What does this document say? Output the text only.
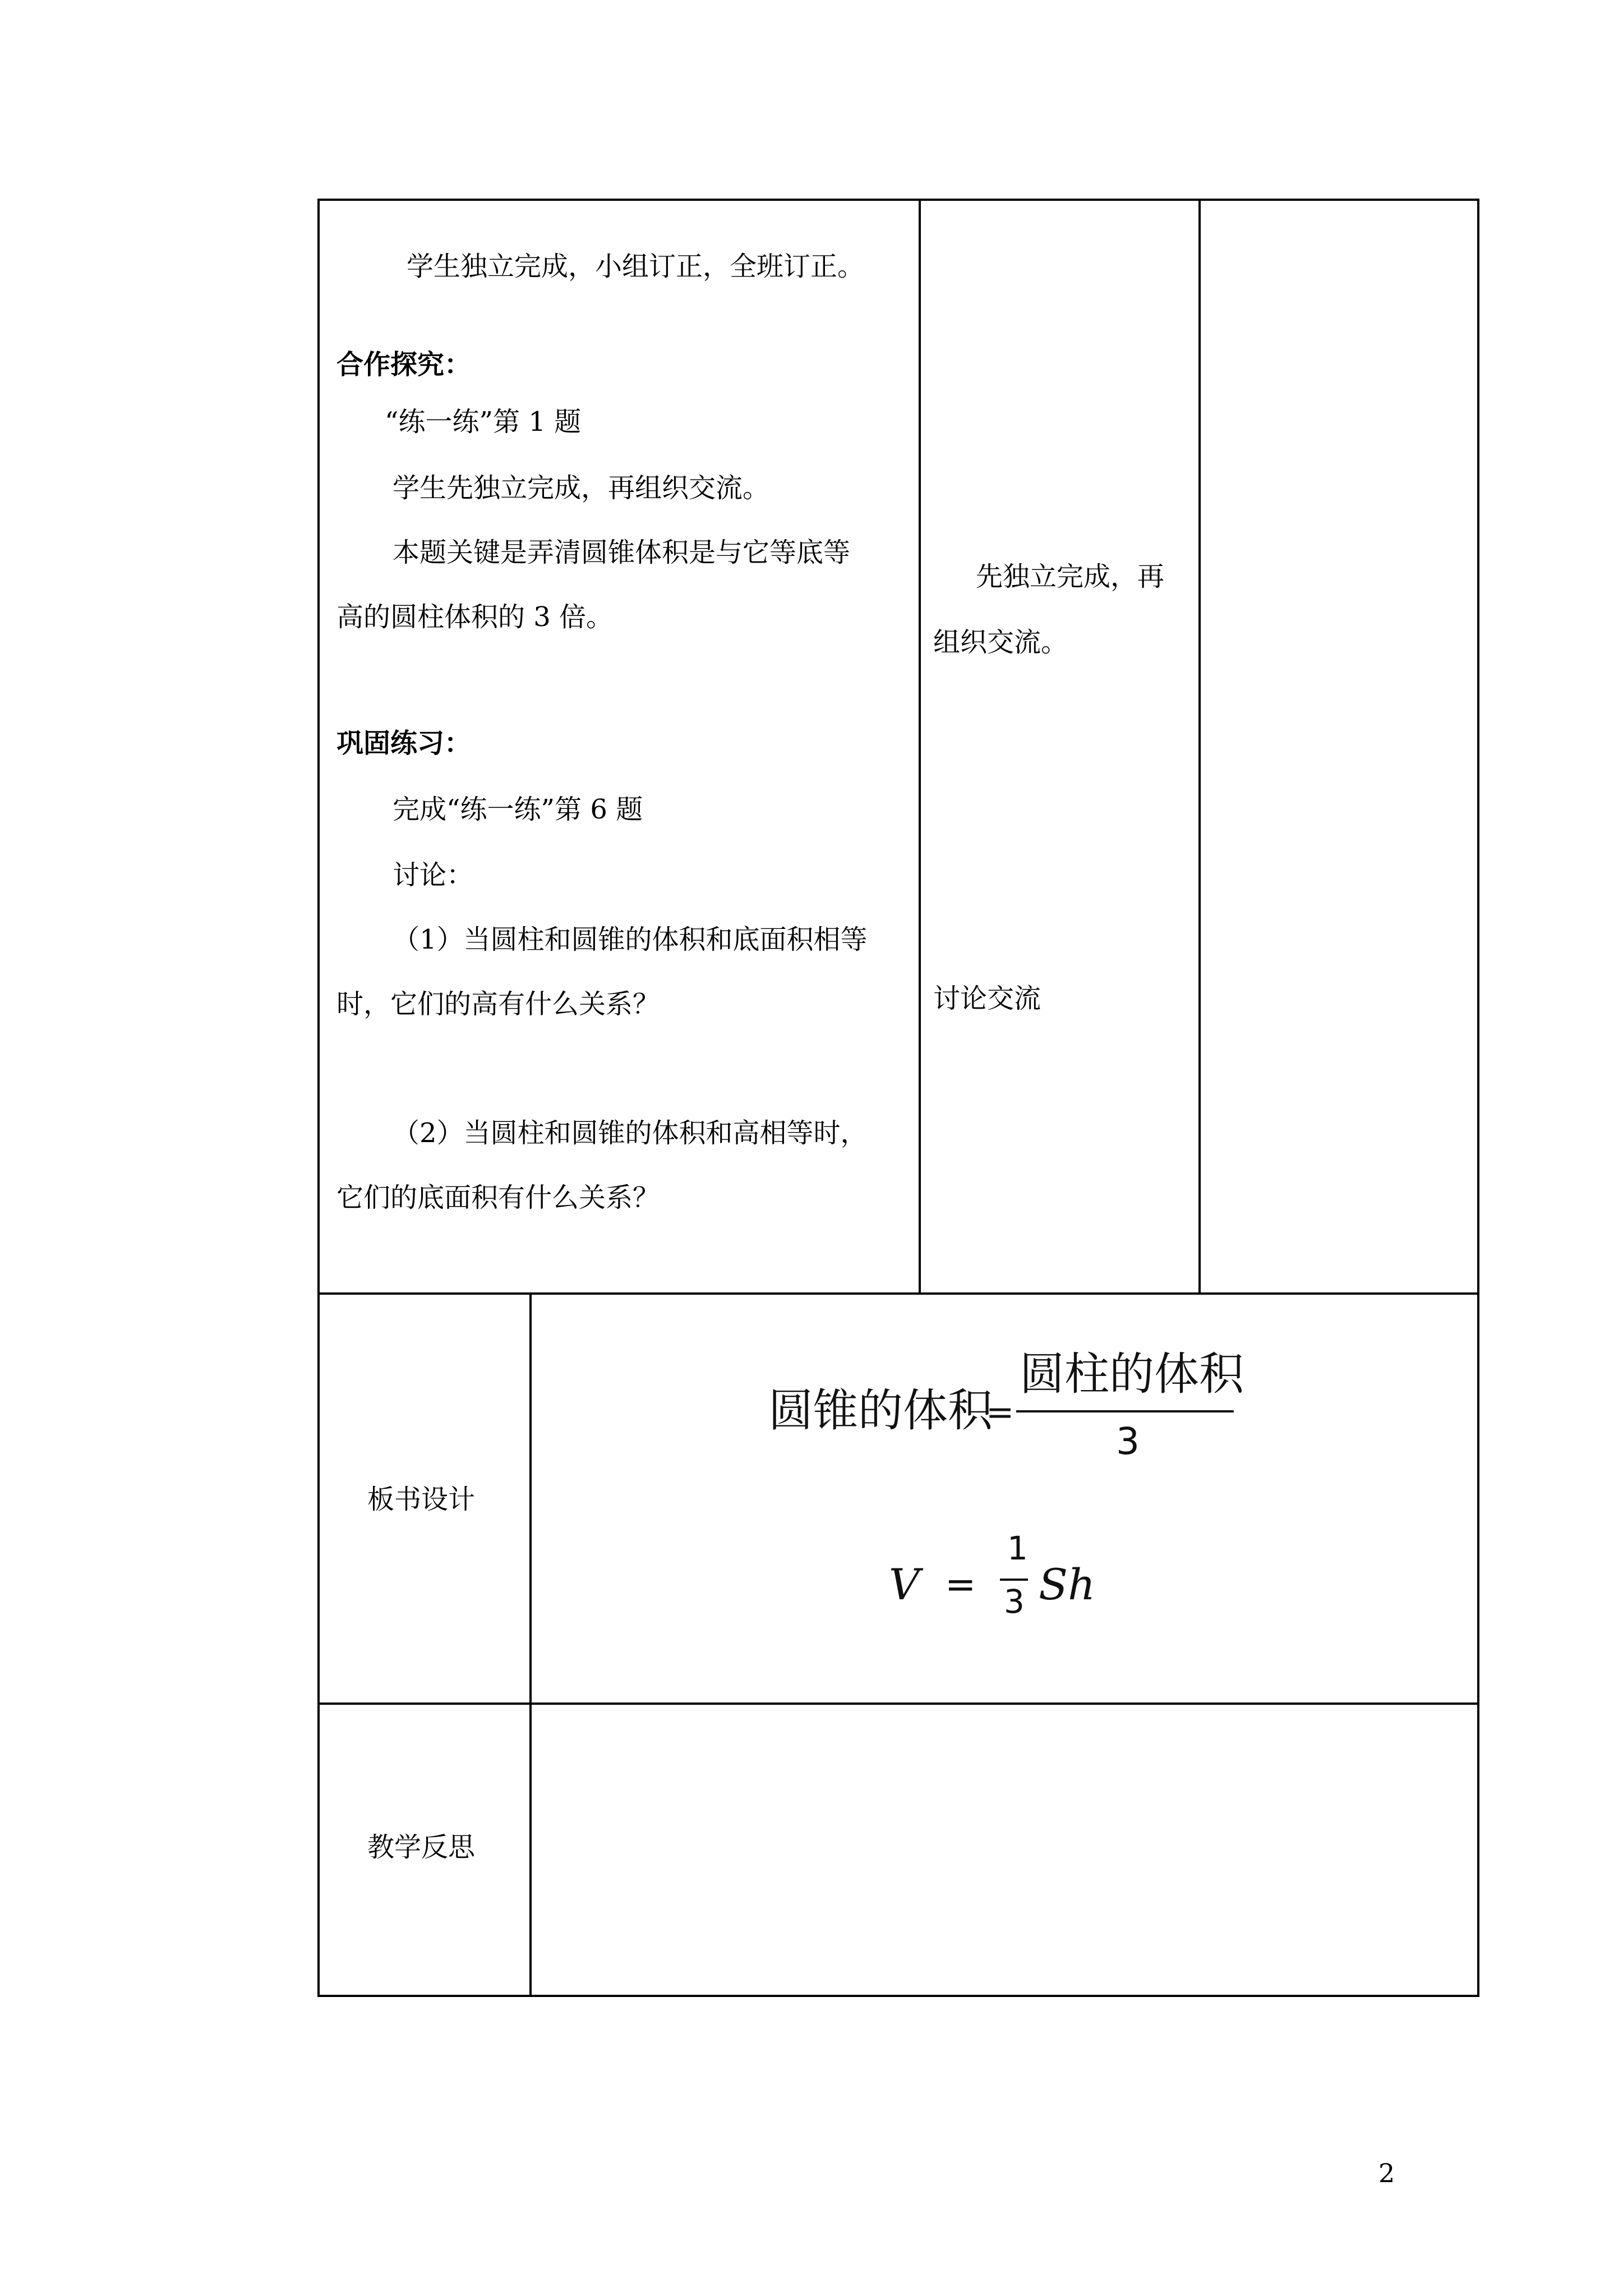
学生独立完成，小组订正，全班订正。
合作探究：
“练一练”第 1 题
学生先独立完成，再组织交流。
本题关键是弄清圆锥体积是与它等底等
高的圆柱体积的 3 倍。
巩固练习：
完成“练一练”第 6 题
讨论：
（1）当圆柱和圆锥的体积和底面积相等
时，它们的高有什么关系？
（2）当圆柱和圆锥的体积和高相等时，
它们的底面积有什么关系？
先独立完成，再
组织交流。
讨论交流
板书设计
圆锥的体积
=
圆柱的体积
3
V =
1
3 Sh
教学反思
2
